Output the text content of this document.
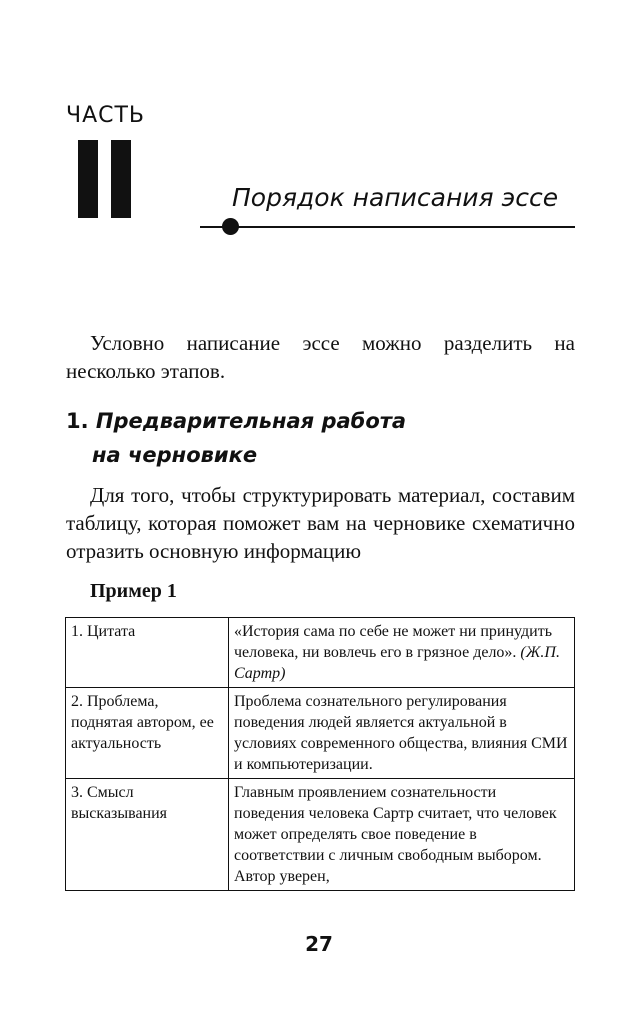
ЧАСТЬ
Порядок написания эссе
Условно написание эссе можно разделить на несколько этапов.
1. Предварительная работа
на черновике
Для того, чтобы структурировать материал, составим таблицу, которая поможет вам на черновике схематично отразить основную информацию
Пример 1
1. Цитата	«История сама по себе не может ни принудить человека, ни вовлечь его в грязное дело». (Ж.П. Сартр)
2. Проблема, поднятая автором, ее актуальность	Проблема сознательного регулирования поведения людей является актуальной в условиях современного общества, влияния СМИ и компьютеризации.
3. Смысл высказывания	Главным проявлением сознательности поведения человека Сартр считает, что человек может определять свое поведение в соответствии с личным свободным выбором. Автор уверен,
27
